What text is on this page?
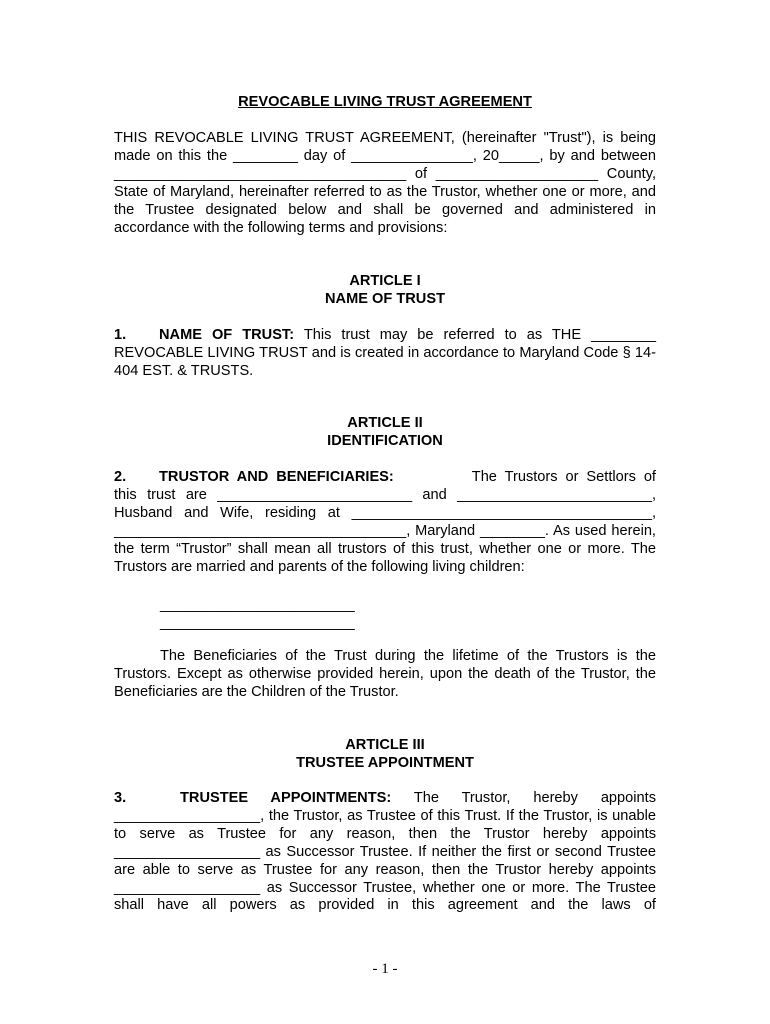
REVOCABLE LIVING TRUST AGREEMENT

THIS REVOCABLE LIVING TRUST AGREEMENT, (hereinafter "Trust"), is being made on this the ________ day of _______________, 20_____, by and between ____________________________________ of ____________________ County, State of Maryland, hereinafter referred to as the Trustor, whether one or more, and the Trustee designated below and shall be governed and administered in accordance with the following terms and provisions:

ARTICLE I

NAME OF TRUST

1. NAME OF TRUST: This trust may be referred to as THE ________ REVOCABLE LIVING TRUST and is created in accordance to Maryland Code § 14-404 EST. & TRUSTS.

ARTICLE II

IDENTIFICATION

2. TRUSTOR AND BENEFICIARIES:	The Trustors or Settlors of this trust are ________________________ and ________________________, Husband and Wife, residing at _____________________________________, ____________________________________, Maryland ________. As used herein, the term “Trustor” shall mean all trustors of this trust, whether one or more. The Trustors are married and parents of the following living children:

________________________

________________________

The Beneficiaries of the Trust during the lifetime of the Trustors is the Trustors. Except as otherwise provided herein, upon the death of the Trustor, the Beneficiaries are the Children of the Trustor.

ARTICLE III

TRUSTEE APPOINTMENT

3.	TRUSTEE APPOINTMENTS: The Trustor, hereby appoints __________________, the Trustor, as Trustee of this Trust. If the Trustor, is unable to serve as Trustee for any reason, then the Trustor hereby appoints __________________ as Successor Trustee. If neither the first or second Trustee are able to serve as Trustee for any reason, then the Trustor hereby appoints __________________ as Successor Trustee, whether one or more. The Trustee shall have all powers as provided in this agreement and the laws of

- 1 -
